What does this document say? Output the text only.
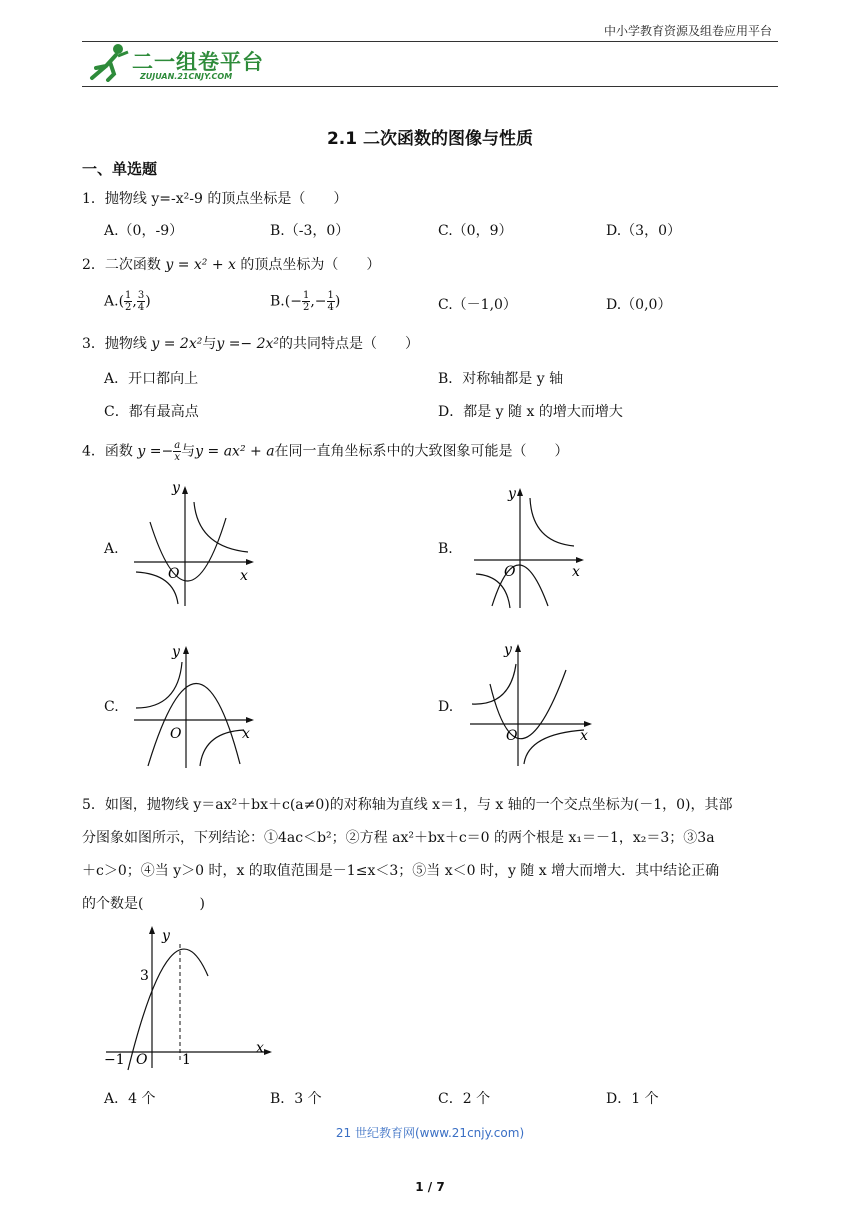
中小学教育资源及组卷应用平台
二一组卷平台
ZUJUAN.21CNJY.COM
2.1 二次函数的图像与性质
一、单选题
1．抛物线 y=-x²-9 的顶点坐标是（　　）
A.（0，-9）	B.（-3，0）	C.（0，9）	D.（3，0）
2．二次函数 y = x² + x 的顶点坐标为（　　）
$A.( \frac{1}{2}$ , $\frac{3}{4}$ )	$B.(- \frac{1}{2}$ ,− $\frac{1}{4}$ )	C.（－1,0）	D.（0,0）
3．抛物线 y = 2x²与y =− 2x²的共同特点是（　　）
A．开口都向上	B．对称轴都是 y 轴
C．都有最高点	D．都是 y 随 x 的增大而增大
4．函数 $y =- \frac{a}{x}$ 与y = ax² + a在同一直角坐标系中的大致图象可能是（　　）
A.
y
x
O
B.
y
x
O
C.
y
x
O
D.
y
x
O
5．如图，抛物线 y＝ax²＋bx＋c(a≠0)的对称轴为直线 x＝1，与 x 轴的一个交点坐标为(－1，0)，其部
分图象如图所示，下列结论：①4ac＜b²；②方程 ax²＋bx＋c＝0 的两个根是 x₁＝－1，x₂＝3；③3a
＋c＞0；④当 y＞0 时，x 的取值范围是－1≤x＜3；⑤当 x＜0 时，y 随 x 增大而增大．其中结论正确
的个数是(　　　　)
y
x
O
3
−1	1
A．4 个	B．3 个	C．2 个	D．1 个
21 世纪教育网(www.21cnjy.com)
1 / 7
